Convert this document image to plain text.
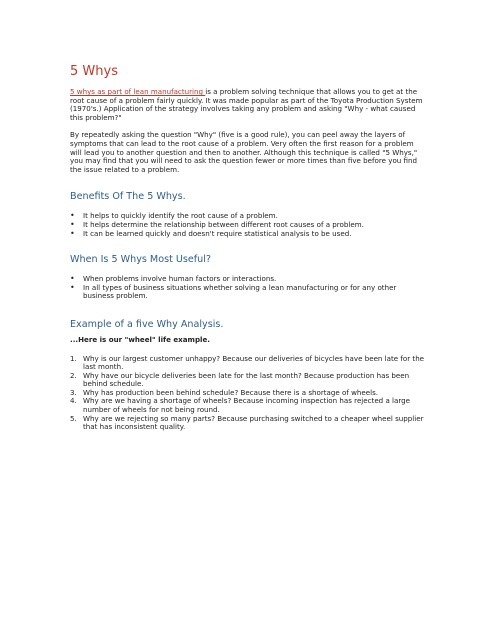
5 Whys

5 whys as part of lean manufacturing is a problem solving technique that allows you to get at the root cause of a problem fairly quickly. It was made popular as part of the Toyota Production System (1970's.) Application of the strategy involves taking any problem and asking "Why - what caused this problem?"

By repeatedly asking the question "Why" (five is a good rule), you can peel away the layers of symptoms that can lead to the root cause of a problem. Very often the first reason for a problem will lead you to another question and then to another. Although this technique is called "5 Whys," you may find that you will need to ask the question fewer or more times than five before you find the issue related to a problem.

Benefits Of The 5 Whys.
• It helps to quickly identify the root cause of a problem.
• It helps determine the relationship between different root causes of a problem.
• It can be learned quickly and doesn't require statistical analysis to be used.
When Is 5 Whys Most Useful?
• When problems involve human factors or interactions.
• In all types of business situations whether solving a lean manufacturing or for any other business problem.
Example of a five Why Analysis.

...Here is our "wheel" life example.

1. Why is our largest customer unhappy? Because our deliveries of bicycles have been late for the last month.
2. Why have our bicycle deliveries been late for the last month? Because production has been behind schedule.
3. Why has production been behind schedule? Because there is a shortage of wheels.
4. Why are we having a shortage of wheels? Because incoming inspection has rejected a large number of wheels for not being round.
5. Why are we rejecting so many parts? Because purchasing switched to a cheaper wheel supplier that has inconsistent quality.
